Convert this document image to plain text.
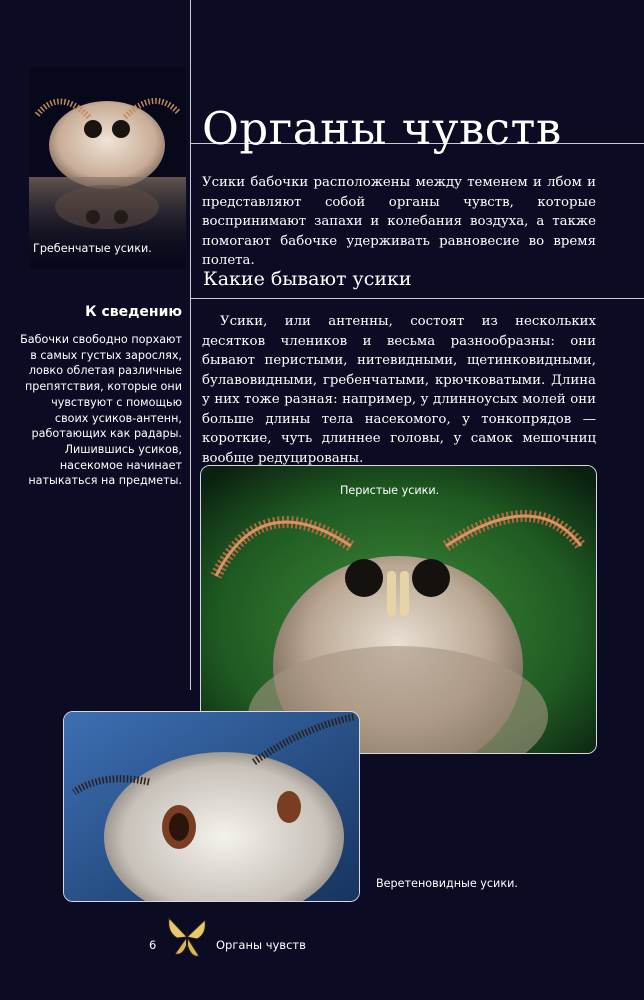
Гребенчатые усики.
Органы чувств

Усики бабочки расположены между теменем и лбом и представляют собой органы чувств, которые воспринимают запахи и колебания воздуха, а также помогают бабочке удерживать равновесие во время полета.

Какие бывают усики

Усики, или антенны, состоят из нескольких десятков члеников и весьма разнообразны: они бывают перистыми, нитевидными, щетинковидными, булавовидными, гребенчатыми, крючковатыми. Длина у них тоже разная: например, у длинноусых молей они больше длины тела насекомого, у тонкопрядов — короткие, чуть длиннее головы, у самок мешочниц вообще редуцированы.

К сведению
Бабочки свободно порхают в самых густых зарослях, ловко облетая различные препятствия, которые они чувствуют с помощью своих усиков-антенн, работающих как радары. Лишившись усиков, насекомое начинает натыкаться на предметы.
Перистые усики.
Веретеновидные усики.
6	Органы чувств
